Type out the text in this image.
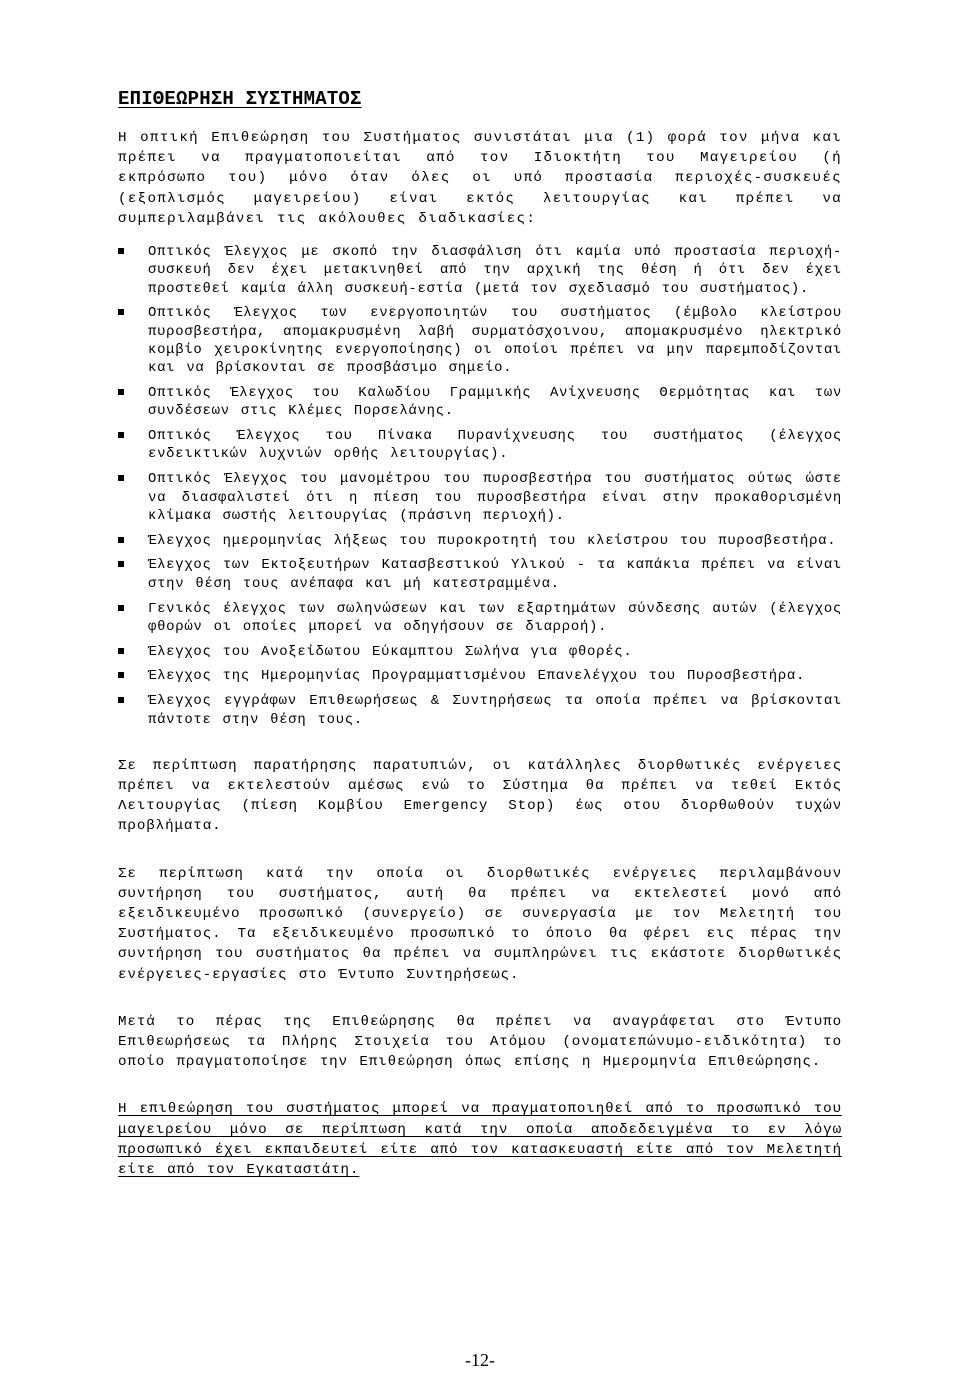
ΕΠΙΘΕΩΡΗΣΗ ΣΥΣΤΗΜΑΤΟΣ

Η οπτική Επιθεώρηση του Συστήματος συνιστάται μια (1) φορά τον μήνα και πρέπει να πραγματοποιείται από τον Ιδιοκτήτη του Μαγειρείου (ή εκπρόσωπο του) μόνο όταν όλες οι υπό προστασία περιοχές-συσκευές (εξοπλισμός μαγειρείου) είναι εκτός λειτουργίας και πρέπει να συμπεριλαμβάνει τις ακόλουθες διαδικασίες:

Οπτικός Έλεγχος με σκοπό την διασφάλιση ότι καμία υπό προστασία περιοχή-συσκευή δεν έχει μετακινηθεί από την αρχική της θέση ή ότι δεν έχει προστεθεί καμία άλλη συσκευή-εστία (μετά τον σχεδιασμό του συστήματος).
Οπτικός Έλεγχος των ενεργοποιητών του συστήματος (έμβολο κλείστρου πυροσβεστήρα, απομακρυσμένη λαβή συρματόσχοινου, απομακρυσμένο ηλεκτρικό κομβίο χειροκίνητης ενεργοποίησης) οι οποίοι πρέπει να μην παρεμποδίζονται και να βρίσκονται σε προσβάσιμο σημείο.
Οπτικός Έλεγχος του Καλωδίου Γραμμικής Ανίχνευσης Θερμότητας και των συνδέσεων στις Κλέμες Πορσελάνης.
Οπτικός Έλεγχος του Πίνακα Πυρανίχνευσης του συστήματος (έλεγχος ενδεικτικών λυχνιών ορθής λειτουργίας).
Οπτικός Έλεγχος του μανομέτρου του πυροσβεστήρα του συστήματος ούτως ώστε να διασφαλιστεί ότι η πίεση του πυροσβεστήρα είναι στην προκαθορισμένη κλίμακα σωστής λειτουργίας (πράσινη περιοχή).
Έλεγχος ημερομηνίας λήξεως του πυροκροτητή του κλείστρου του πυροσβεστήρα.
Έλεγχος των Εκτοξευτήρων Κατασβεστικού Υλικού - τα καπάκια πρέπει να είναι στην θέση τους ανέπαφα και μή κατεστραμμένα.
Γενικός έλεγχος των σωληνώσεων και των εξαρτημάτων σύνδεσης αυτών (έλεγχος φθορών οι οποίες μπορεί να οδηγήσουν σε διαρροή).
Έλεγχος του Ανοξείδωτου Εύκαμπτου Σωλήνα για φθορές.
Έλεγχος της Ημερομηνίας Προγραμματισμένου Επανελέγχου του Πυροσβεστήρα.
Έλεγχος εγγράφων Επιθεωρήσεως & Συντηρήσεως τα οποία πρέπει να βρίσκονται πάντοτε στην θέση τους.

Σε περίπτωση παρατήρησης παρατυπιών, οι κατάλληλες διορθωτικές ενέργειες πρέπει να εκτελεστούν αμέσως ενώ το Σύστημα θα πρέπει να τεθεί Εκτός Λειτουργίας (πίεση Κομβίου Emergency Stop) έως οτου διορθωθούν τυχών προβλήματα.

Σε περίπτωση κατά την οποία οι διορθωτικές ενέργειες περιλαμβάνουν συντήρηση του συστήματος, αυτή θα πρέπει να εκτελεστεί μονό από εξειδικευμένο προσωπικό (συνεργείο) σε συνεργασία με τον Μελετητή του Συστήματος. Τα εξειδικευμένο προσωπικό το όποιο θα φέρει εις πέρας την συντήρηση του συστήματος θα πρέπει να συμπληρώνει τις εκάστοτε διορθωτικές ενέργειες-εργασίες στο Έντυπο Συντηρήσεως.

Μετά το πέρας της Επιθεώρησης θα πρέπει να αναγράφεται στο Έντυπο Επιθεωρήσεως τα Πλήρης Στοιχεία του Ατόμου (ονοματεπώνυμο-ειδικότητα) το οποίο πραγματοποίησε την Επιθεώρηση όπως επίσης η Ημερομηνία Επιθεώρησης.

Η επιθεώρηση του συστήματος μπορεί να πραγματοποιηθεί από το προσωπικό του μαγειρείου μόνο σε περίπτωση κατά την οποία αποδεδειγμένα το εν λόγω προσωπικό έχει εκπαιδευτεί είτε από τον κατασκευαστή είτε από τον Μελετητή είτε από τον Εγκαταστάτη.

-12-
